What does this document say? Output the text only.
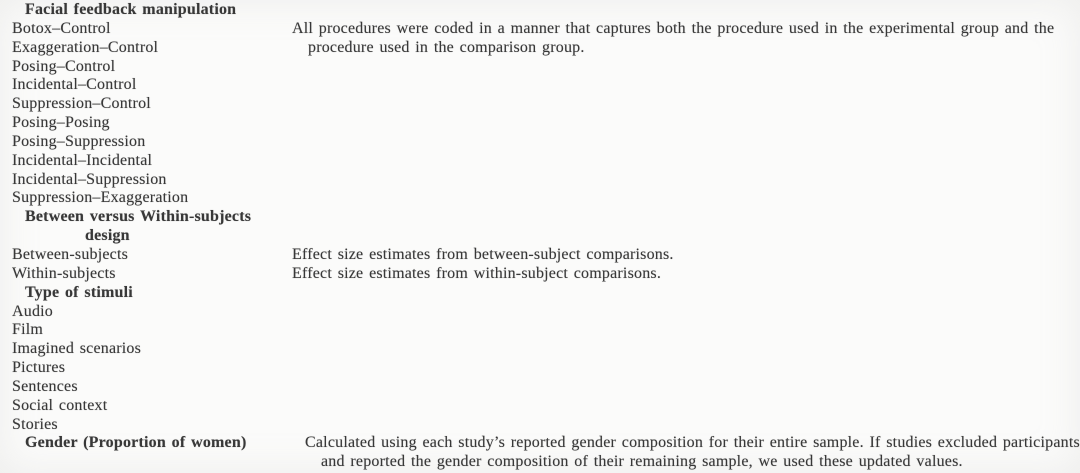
Facial feedback manipulation
Botox–Control	All procedures were coded in a manner that captures both the procedure used in the experimental group and the procedure used in the comparison group.
Exaggeration–Control
Posing–Control
Incidental–Control
Suppression–Control
Posing–Posing
Posing–Suppression
Incidental–Incidental
Incidental–Suppression
Suppression–Exaggeration
Between versus Within-subjects
design
Between-subjects	Effect size estimates from between-subject comparisons.
Within-subjects	Effect size estimates from within-subject comparisons.
Type of stimuli
Audio
Film
Imagined scenarios
Pictures
Sentences
Social context
Stories
Gender (Proportion of women)	Calculated using each study’s reported gender composition for their entire sample. If studies excluded participants and reported the gender composition of their remaining sample, we used these updated values.
